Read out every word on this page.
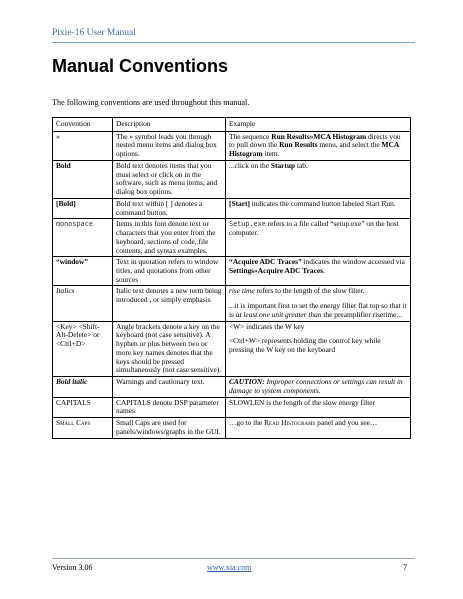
Pixie-16 User Manual
Manual Conventions
The following conventions are used throughout this manual.
Convention	Description	Example
»	The » symbol leads you through nested menu items and dialog box options.	The sequence Run Results»MCA Histogram directs you to pull down the Run Results menu, and select the MCA Histogram item.
Bold	Bold text denotes items that you must select or click on in the software, such as menu items, and dialog box options.	...click on the Startup tab.
[Bold]	Bold text within [ ] denotes a command button.	[Start] indicates the command button labeled Start Run.
monospace	Items in this font denote text or characters that you enter from the keyboard, sections of code, file contents, and syntax examples.	Setup.exe refers to a file called “setup.exe” on the host computer.
“window”	Text in quotation refers to window titles, and quotations from other sources	“Acquire ADC Traces” indicates the window accessed via Settings»Acquire ADC Traces.
Italics	Italic text denotes a new term being introduced , or simply emphasis	rise time refers to the length of the slow filter.
...it is important first to set the energy filter flat top so that it is at least one unit greater than the preamplifier risetime...

<Key> <Shift-Alt-Delete> or <Ctrl+D>	Angle brackets denote a key on the keyboard (not case sensitive). A hyphen or plus between two or more key names denotes that the keys should be pressed simultaneously (not case sensitive).	<W> indicates the W key
<Ctrl+W> represents holding the control key while pressing the W key on the keyboard

Bold italic	Warnings and cautionary text.	CAUTION: Improper connections or settings can result in damage to system components.
CAPITALS	CAPITALS denote DSP parameter names	SLOWLEN is the length of the slow energy filter
Small Caps	Small Caps are used for panels/windows/graphs in the GUI.	…go to the Read Histograms panel and you see…
Version 3.06	www.xia.com	7
